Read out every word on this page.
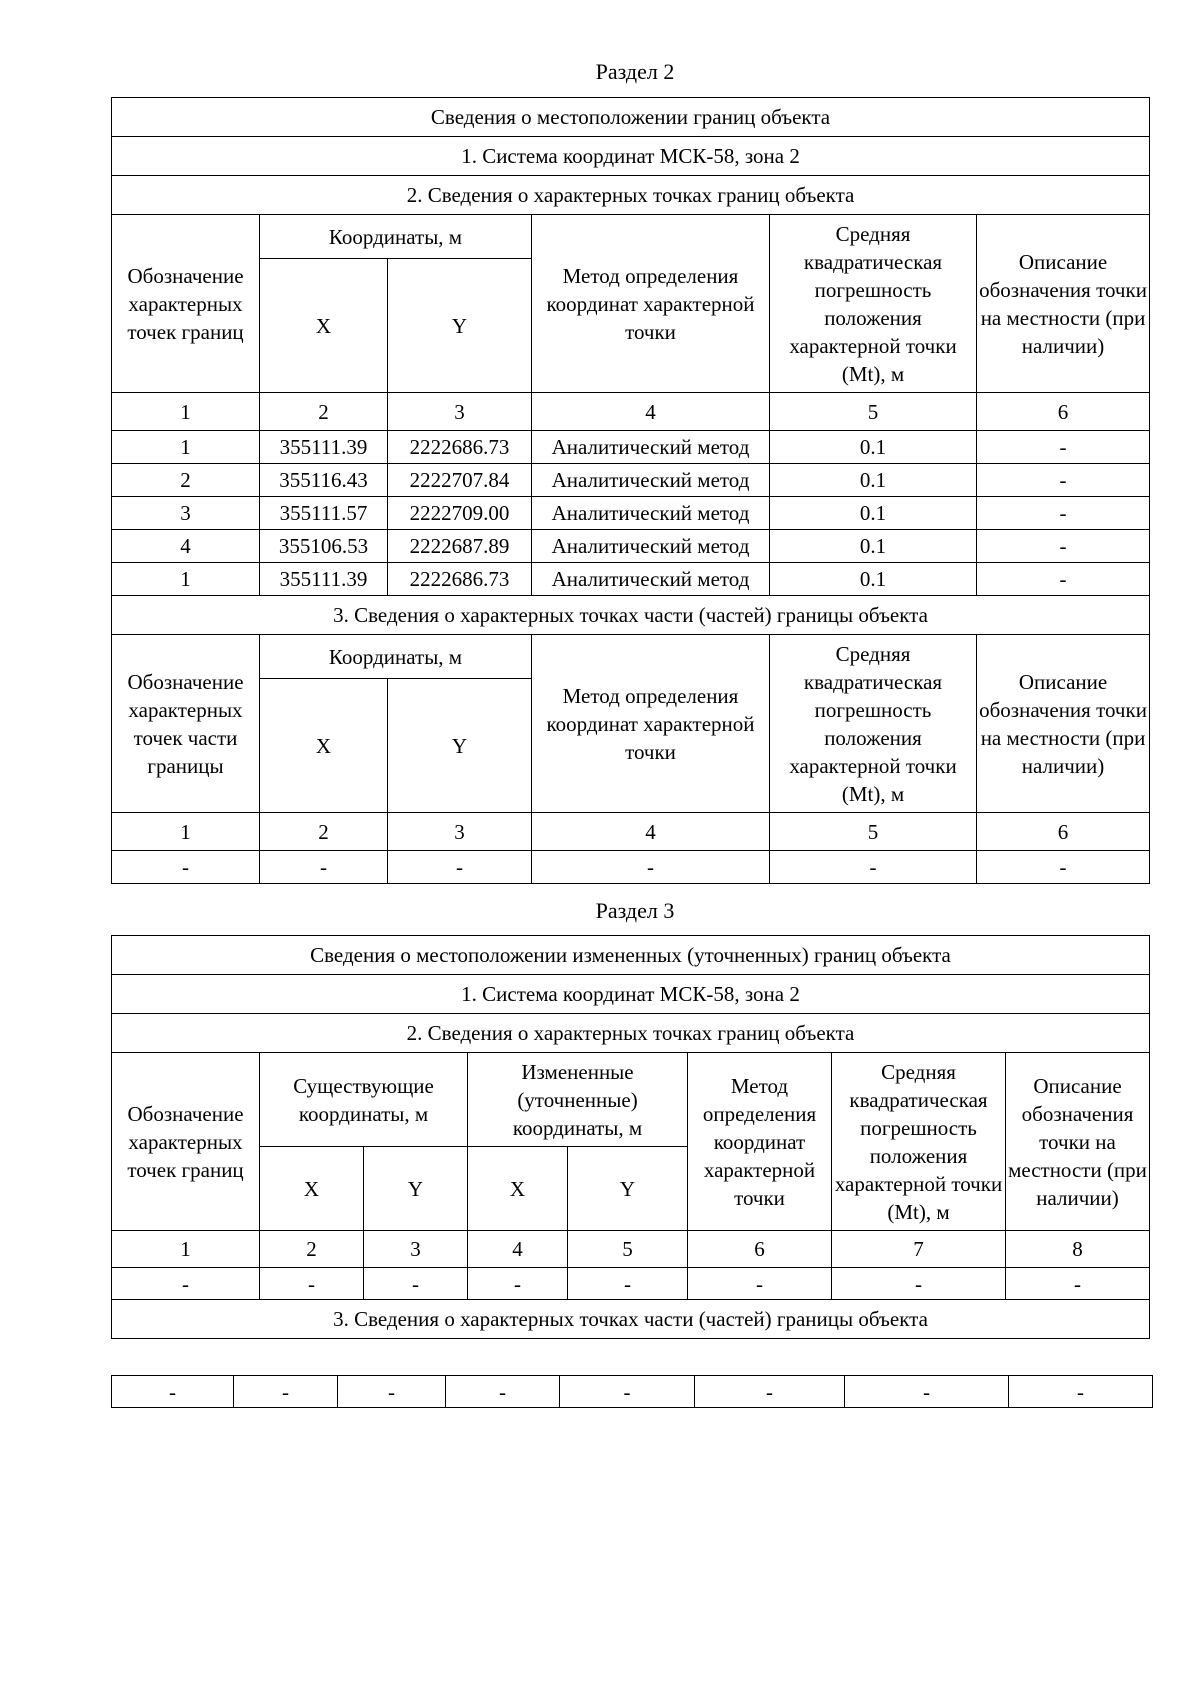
Раздел 2
Сведения о местоположении границ объекта					
1. Система координат МСК-58, зона 2					
2. Сведения о характерных точках границ объекта					
Обозначение характерных точек границ	Координаты, м		Метод определения координат характерной точки	Средняя квадратическая погрешность положения характерной точки (Mt), м	Описание обозначения точки на местности (при наличии)
	X	Y			
1	2	3	4	5	6
1	355111.39	2222686.73	Аналитический метод	0.1	-
2	355116.43	2222707.84	Аналитический метод	0.1	-
3	355111.57	2222709.00	Аналитический метод	0.1	-
4	355106.53	2222687.89	Аналитический метод	0.1	-
1	355111.39	2222686.73	Аналитический метод	0.1	-
3. Сведения о характерных точках части (частей) границы объекта					
Обозначение характерных точек части границы	Координаты, м		Метод определения координат характерной точки	Средняя квадратическая погрешность положения характерной точки (Mt), м	Описание обозначения точки на местности (при наличии)
	X	Y			
1	2	3	4	5	6
-	-	-	-	-	-
Раздел 3
Сведения о местоположении измененных (уточненных) границ объекта							
1. Система координат МСК-58, зона 2							
2. Сведения о характерных точках границ объекта							
Обозначение характерных точек границ	Существующие координаты, м		Измененные (уточненные) координаты, м		Метод определения координат характерной точки	Средняя квадратическая погрешность положения характерной точки (Mt), м	Описание обозначения точки на местности (при наличии)
	X	Y	X	Y			
1	2	3	4	5	6	7	8
-	-	-	-	-	-	-	-
3. Сведения о характерных точках части (частей) границы объекта							
-	-	-	-	-	-	-	-
